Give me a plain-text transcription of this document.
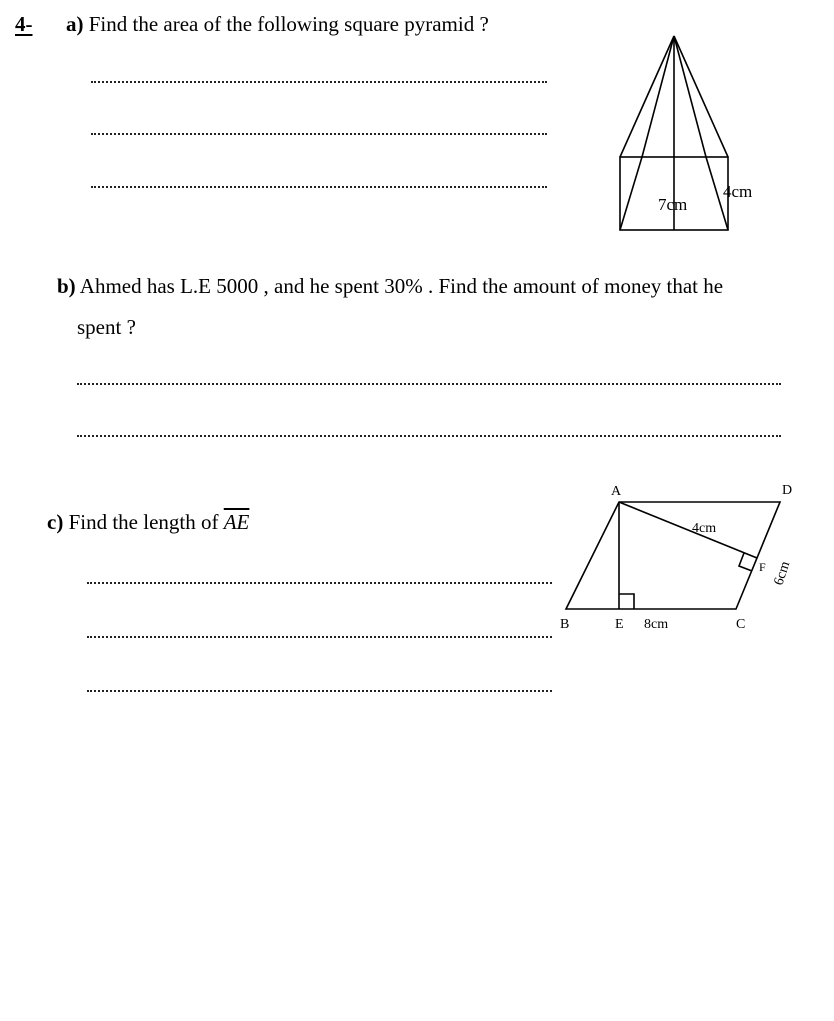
4- a) Find the area of the following square pyramid ?
7cm
4cm
b) Ahmed has L.E 5000 , and he spent 30% . Find the amount of money that he
spent ?
c) Find the length of $\overline{AE}$
A	D
B	E	C
F
4cm
8cm
6cm
